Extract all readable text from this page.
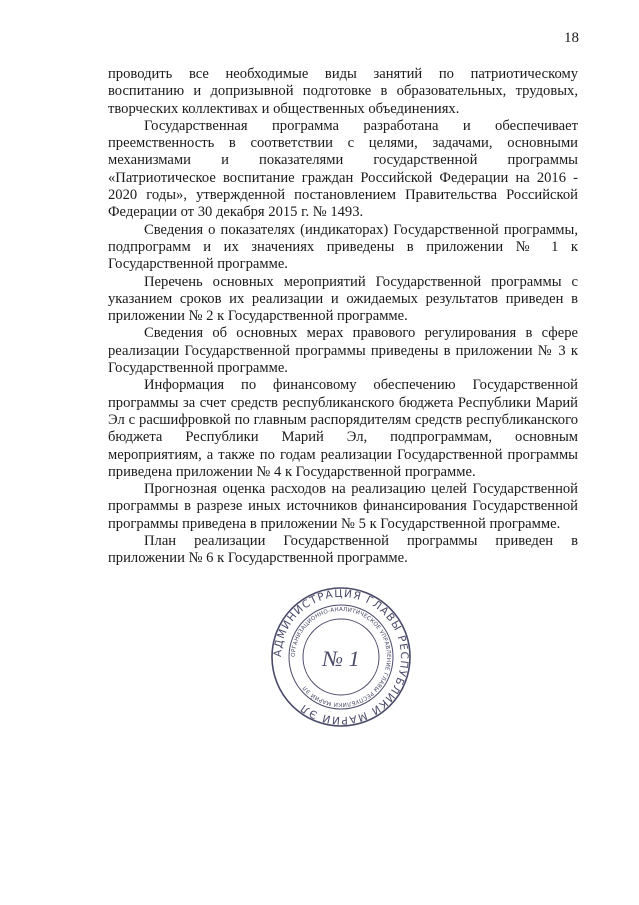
18

проводить все необходимые виды занятий по патриотическому воспитанию и допризывной подготовке в образовательных, трудовых, творческих коллективах и общественных объединениях.

Государственная программа разработана и обеспечивает преемственность в соответствии с целями, задачами, основными механизмами и показателями государственной программы «Патриотическое воспитание граждан Российской Федерации на 2016 - 2020 годы», утвержденной постановлением Правительства Российской Федерации от 30 декабря 2015 г. № 1493.

Сведения о показателях (индикаторах) Государственной программы, подпрограмм и их значениях приведены в приложении № 1 к Государственной программе.

Перечень основных мероприятий Государственной программы с указанием сроков их реализации и ожидаемых результатов приведен в приложении № 2 к Государственной программе.

Сведения об основных мерах правового регулирования в сфере реализации Государственной программы приведены в приложении № 3 к Государственной программе.

Информация по финансовому обеспечению Государственной программы за счет средств республиканского бюджета Республики Марий Эл с расшифровкой по главным распорядителям средств республиканского бюджета Республики Марий Эл, подпрограммам, основным мероприятиям, а также по годам реализации Государственной программы приведена приложении № 4 к Государственной программе.

Прогнозная оценка расходов на реализацию целей Государственной программы в разрезе иных источников финансирования Государственной программы приведена в приложении № 5 к Государственной программе.

План реализации Государственной программы приведен в приложении № 6 к Государственной программе.

АДМИНИСТРАЦИЯ ГЛАВЫ РЕСПУБЛИКИ МАРИЙ ЭЛ
ОРГАНИЗАЦИОННО-АНАЛИТИЧЕСКОЕ УПРАВЛЕНИЕ ГЛАВЫ РЕСПУБЛИКИ МАРИЙ ЭЛ
№ 1
